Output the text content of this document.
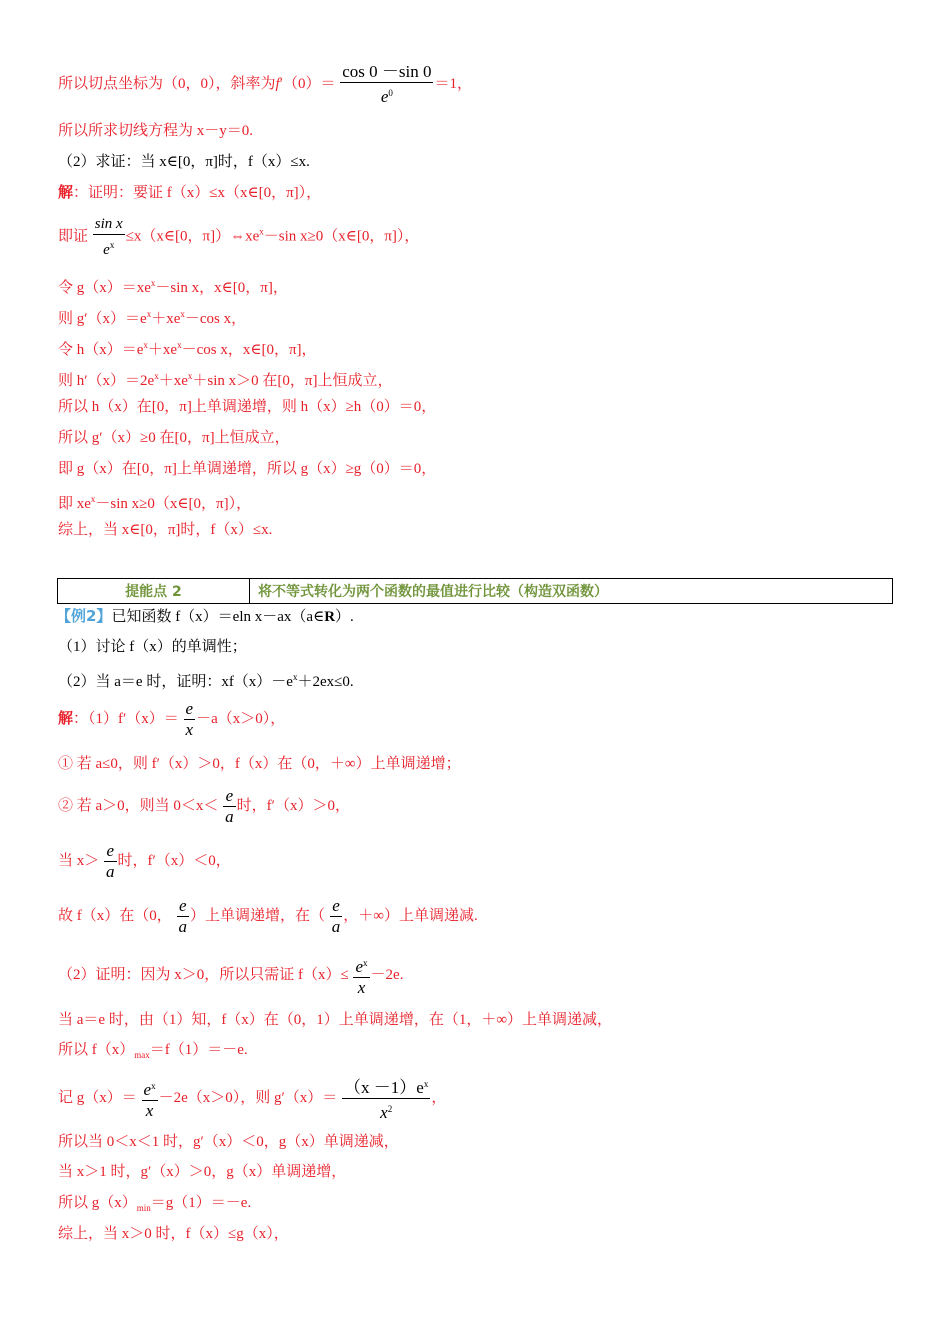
所以切点坐标为（0，0），斜率为$f'(0)= \frac{\cos 0 -\sin 0}{e^0} =1$，
所以所求切线方程为 x－y＝0.
（2）求证：当 x∈[0，π]时，f（x）≤x.
解：证明：要证 f（x）≤x（x∈[0，π]），
即证 $\frac{\text{sin x}}{e^x}$ ≤x（x∈[0，$\pi])\Leftrightarrow xe^x-\sin$ x≥0（x∈[0，π]），
令 $g(x)=xe^x-\sin$ x，x∈[0，π]，
则 $g'(x)=e^x+xe^x-\cos$ x，
令 $h(x)=e^x+xe^x-\cos$ x，x∈[0，π]，
则 $h'(x)=2e^x+xe^x+\sin$ x＞0 在[0，π]上恒成立，
所以 h（x）在[0，π]上单调递增，则 h（x）≥h（0）＝0，
所以 g′（x）≥0 在[0，π]上恒成立，
即 g（x）在[0，π]上单调递增，所以 g（x）≥g（0）＝0，
即 $xe^x-\sin$ x≥0（x∈[0，π]），
综上，当 x∈[0，π]时，f（x）≤x.
提能点 2	将不等式转化为两个函数的最值进行比较（构造双函数）
【例2】已知函数 f（x）＝eln x－ax（a∈R）.
（1）讨论 f（x）的单调性；
（2）当 a＝e 时，证明：$xf(x)-e^x+2ex\le 0$.
解：$(1)f'(x)= \frac{e}{x} -a(x>0)$，
① 若 a≤0，则 f′（x）＞0，f（x）在（0，＋∞）上单调递增；
② 若 a＞0，则当 $0<x< \frac{e}{a}$ 时，f′（x）＞0，
当 $x> \frac{e}{a}$ 时，f′（x）＜0，
故 f（x）在（0， $\frac{e}{a}$ ）上单调递增，在（ $\frac{e}{a}$ ，＋∞）上单调递减.
（2）证明：因为 x＞0，所以只需证 $f(x)\le \frac{e^x}{x} -2e$.
当 a＝e 时，由（1）知，f（x）在（0，1）上单调递增，在（1，＋∞）上单调递减，
所以 $f(x)_{max}=f(1)=-e$.
记 $g(x)= \frac{e^x}{x} -2e(x>0)$，则 $g'(x)= \frac{(x -1)e^x}{x^2}$ ，
所以当 0＜x＜1 时，g′（x）＜0，g（x）单调递减，
当 x＞1 时，g′（x）＞0，g（x）单调递增，
所以 $g(x)_{min}=g(1)=-e$.
综上，当 x＞0 时，f（x）≤g（x），
